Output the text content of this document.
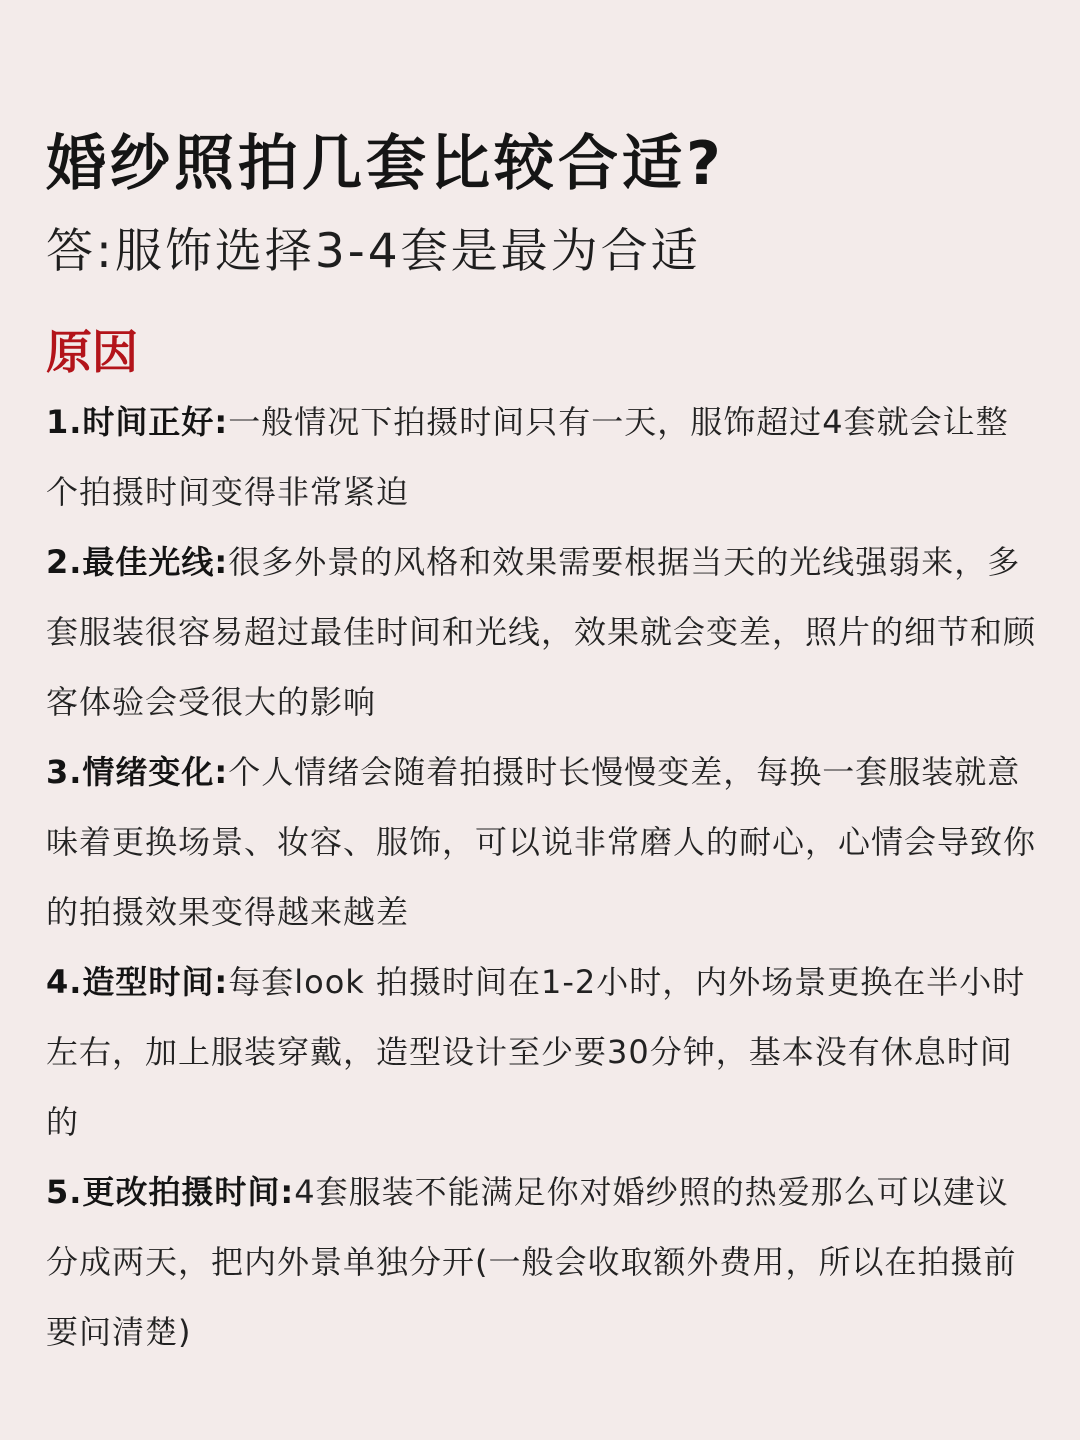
婚纱照拍几套比较合适?
答:服饰选择3-4套是最为合适
原因
1.时间正好:一般情况下拍摄时间只有一天，服饰超过4套就会让整个拍摄时间变得非常紧迫
2.最佳光线:很多外景的风格和效果需要根据当天的光线强弱来，多套服装很容易超过最佳时间和光线，效果就会变差，照片的细节和顾客体验会受很大的影响
3.情绪变化:个人情绪会随着拍摄时长慢慢变差，每换一套服装就意味着更换场景、妆容、服饰，可以说非常磨人的耐心，心情会导致你的拍摄效果变得越来越差
4.造型时间:每套look 拍摄时间在1-2小时，内外场景更换在半小时左右，加上服装穿戴，造型设计至少要30分钟，基本没有休息时间的
5.更改拍摄时间:4套服装不能满足你对婚纱照的热爱那么可以建议分成两天，把内外景单独分开(一般会收取额外费用，所以在拍摄前要问清楚)
